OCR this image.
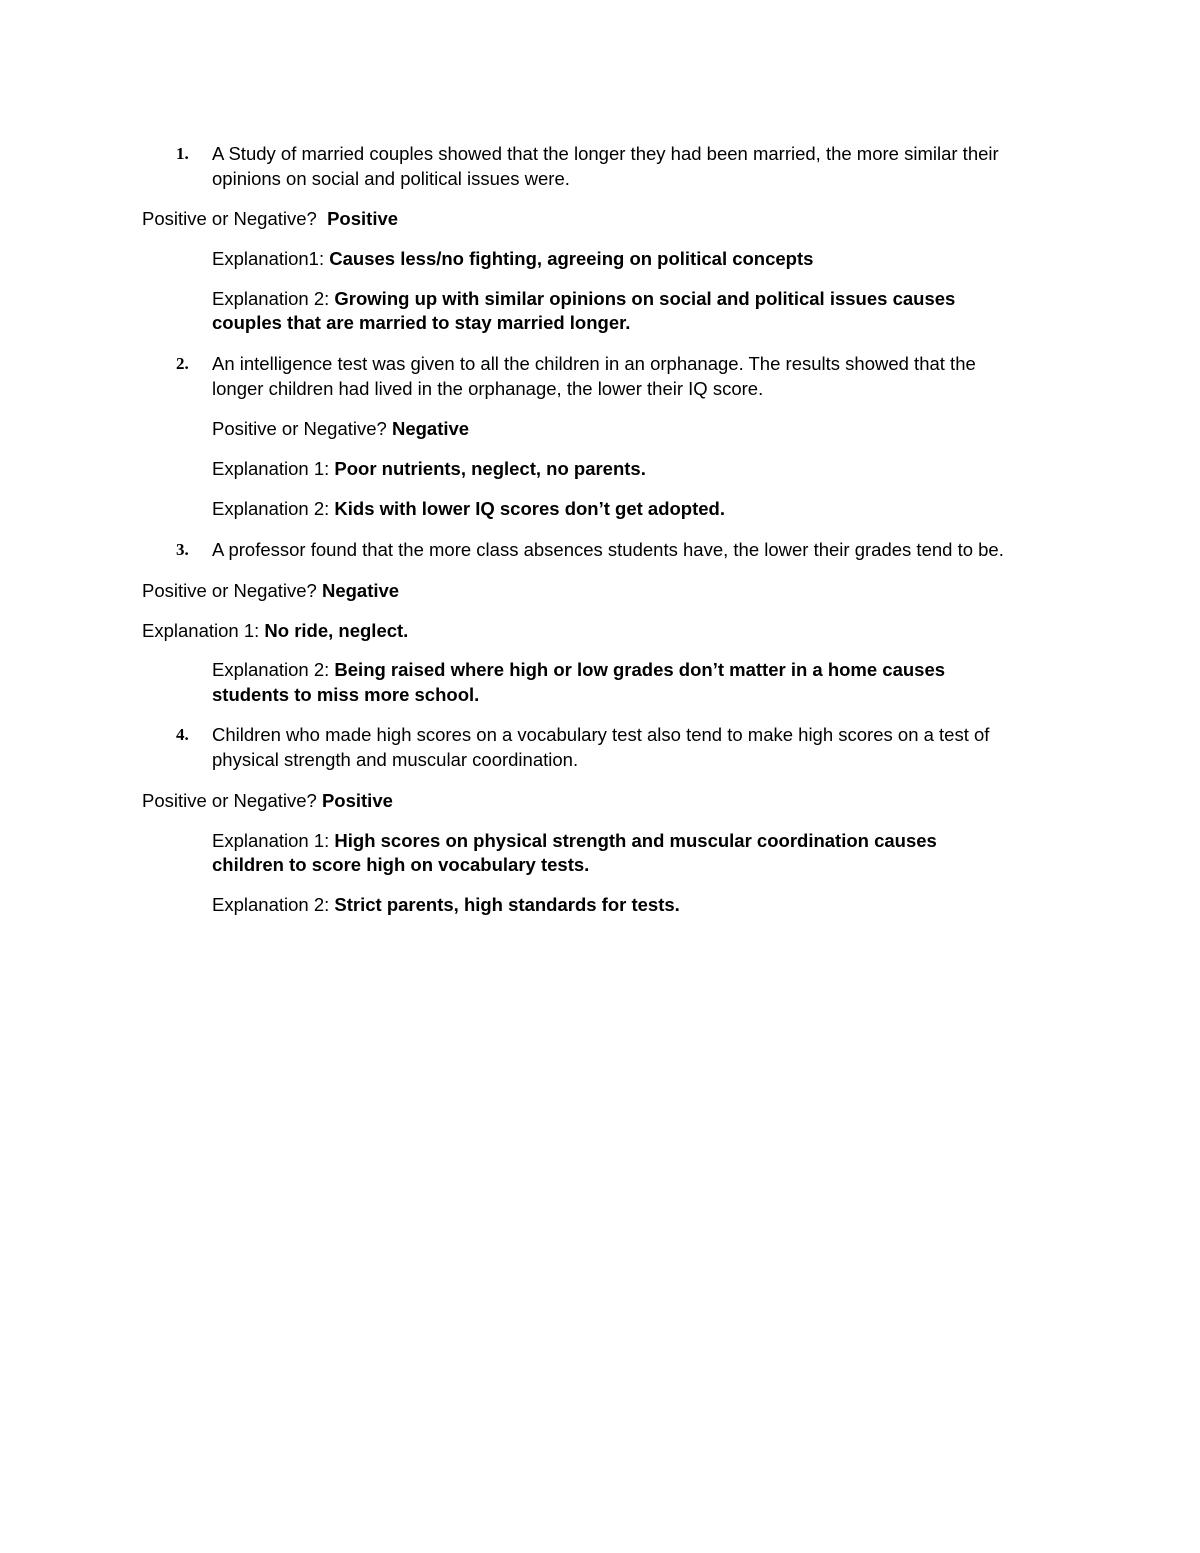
1. A Study of married couples showed that the longer they had been married, the more similar their
opinions on social and political issues were.
Positive or Negative? Positive
Explanation1: Causes less/no fighting, agreeing on political concepts
Explanation 2: Growing up with similar opinions on social and political issues causes
couples that are married to stay married longer.
2. An intelligence test was given to all the children in an orphanage. The results showed that the
longer children had lived in the orphanage, the lower their IQ score.
Positive or Negative? Negative
Explanation 1: Poor nutrients, neglect, no parents.
Explanation 2: Kids with lower IQ scores don’t get adopted.
3. A professor found that the more class absences students have, the lower their grades tend to be.
Positive or Negative? Negative
Explanation 1: No ride, neglect.
Explanation 2: Being raised where high or low grades don’t matter in a home causes
students to miss more school.
4. Children who made high scores on a vocabulary test also tend to make high scores on a test of
physical strength and muscular coordination.
Positive or Negative? Positive
Explanation 1: High scores on physical strength and muscular coordination causes
children to score high on vocabulary tests.
Explanation 2: Strict parents, high standards for tests.
